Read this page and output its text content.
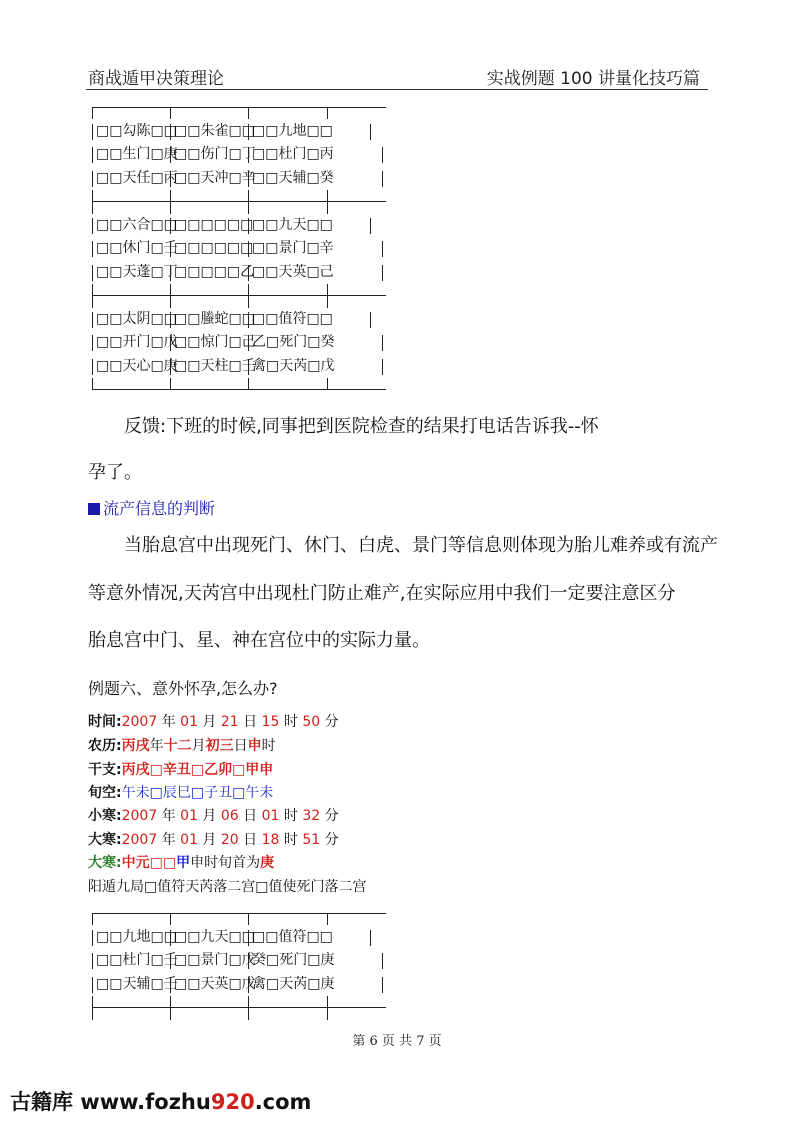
商战遁甲决策理论	实战例题 100 讲量化技巧篇
□□勾陈□□
□□朱雀□□
□□九地□□
□□生门□庚
□□伤门□丁
□□杜门□丙
□□天任□丙
□□天冲□辛
□□天辅□癸
□□六合□□
□□□□□□
□□九天□□
□□休门□壬
□□□□□□
□□景门□辛
□□天蓬□丁
□□□□□乙
□□天英□己
□□太阴□□
□□螣蛇□□
□□值符□□
□□开门□戊
□□惊门□己
乙□死门□癸
□□天心□庚
□□天柱□壬
禽□天芮□戊
反馈:下班的时候,同事把到医院检查的结果打电话告诉我--怀
孕了。
流产信息的判断
当胎息宫中出现死门、休门、白虎、景门等信息则体现为胎儿难养或有流产
等意外情况,天芮宫中出现杜门防止难产,在实际应用中我们一定要注意区分
胎息宫中门、星、神在宫位中的实际力量。
例题六、意外怀孕,怎么办?
时间:2007 年 01 月 21 日 15 时 50 分
农历:丙戌年十二月初三日申时
干支:丙戌□辛丑□乙卯□甲申
旬空:午未□辰巳□子丑□午未
小寒:2007 年 01 月 06 日 01 时 32 分
大寒:2007 年 01 月 20 日 18 时 51 分
大寒:中元□□甲申时旬首为庚
阳遁九局□值符天芮落二宫□值使死门落二宫
□□九地□□
□□九天□□
□□值符□□
□□杜门□壬
□□景门□戊
癸□死门□庚
□□天辅□壬
□□天英□戊
禽□天芮□庚
第 6 页 共 7 页
古籍库 www.fozhu920.com
